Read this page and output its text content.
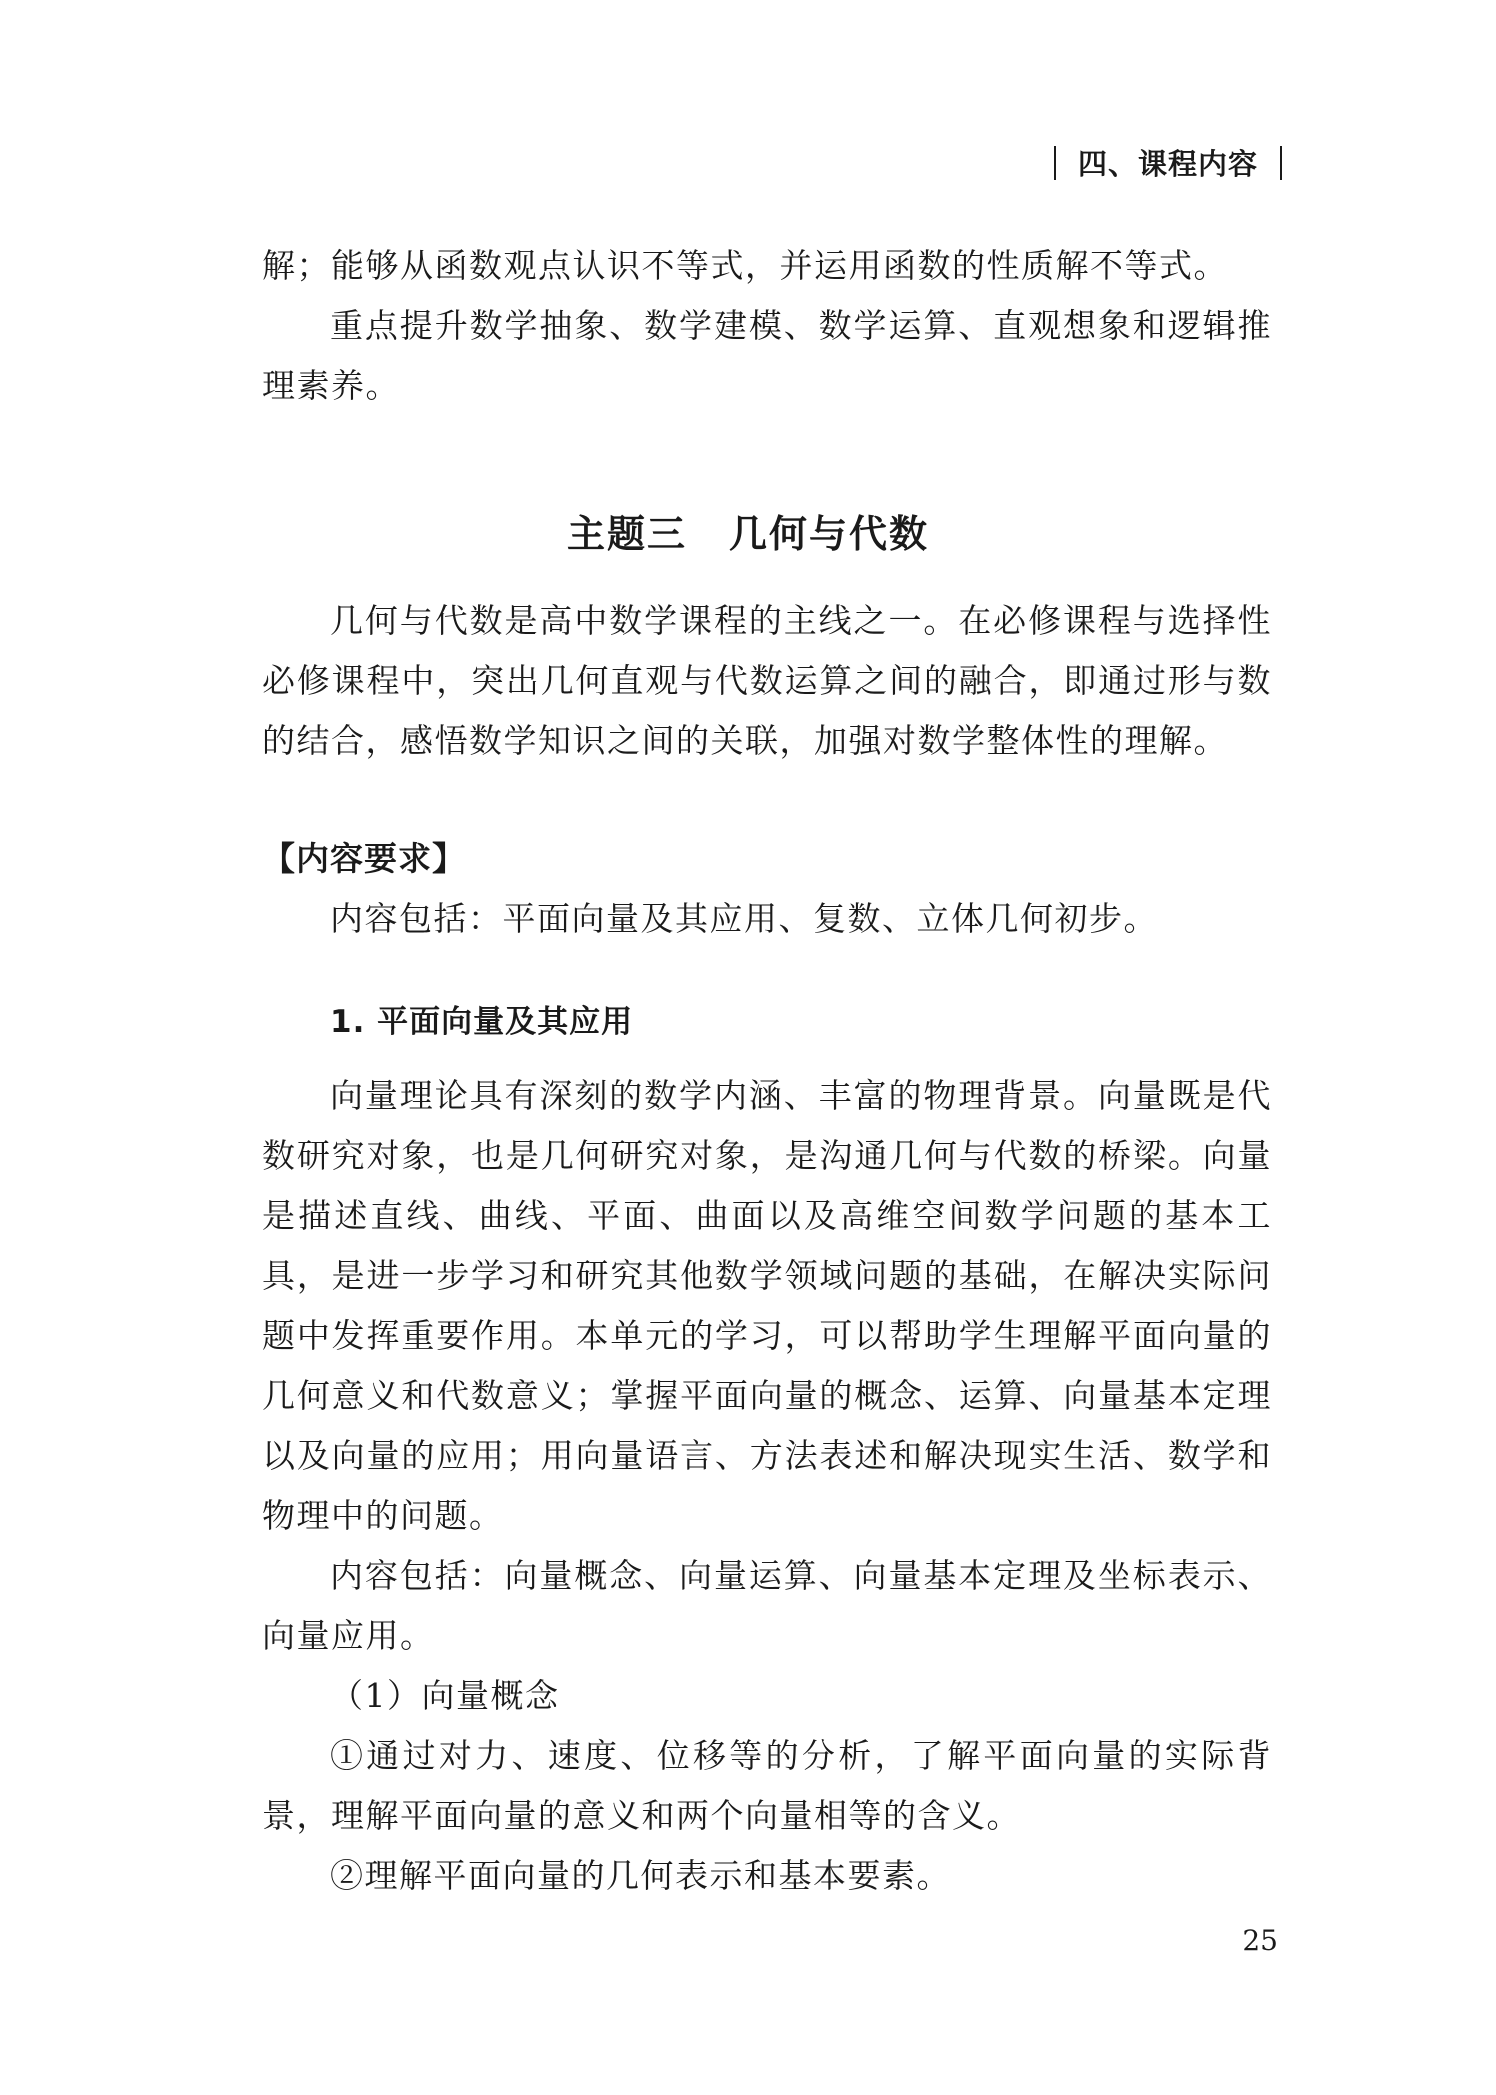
四、课程内容

解；能够从函数观点认识不等式，并运用函数的性质解不等式。

重点提升数学抽象、数学建模、数学运算、直观想象和逻辑推理素养。

主题三 几何与代数

几何与代数是高中数学课程的主线之一。在必修课程与选择性必修课程中，突出几何直观与代数运算之间的融合，即通过形与数的结合，感悟数学知识之间的关联，加强对数学整体性的理解。

【内容要求】

内容包括：平面向量及其应用、复数、立体几何初步。

1. 平面向量及其应用

向量理论具有深刻的数学内涵、丰富的物理背景。向量既是代数研究对象，也是几何研究对象，是沟通几何与代数的桥梁。向量是描述直线、曲线、平面、曲面以及高维空间数学问题的基本工具，是进一步学习和研究其他数学领域问题的基础，在解决实际问题中发挥重要作用。本单元的学习，可以帮助学生理解平面向量的几何意义和代数意义；掌握平面向量的概念、运算、向量基本定理以及向量的应用；用向量语言、方法表述和解决现实生活、数学和物理中的问题。

内容包括：向量概念、向量运算、向量基本定理及坐标表示、向量应用。

（1）向量概念

①通过对力、速度、位移等的分析，了解平面向量的实际背景，理解平面向量的意义和两个向量相等的含义。

②理解平面向量的几何表示和基本要素。

25
